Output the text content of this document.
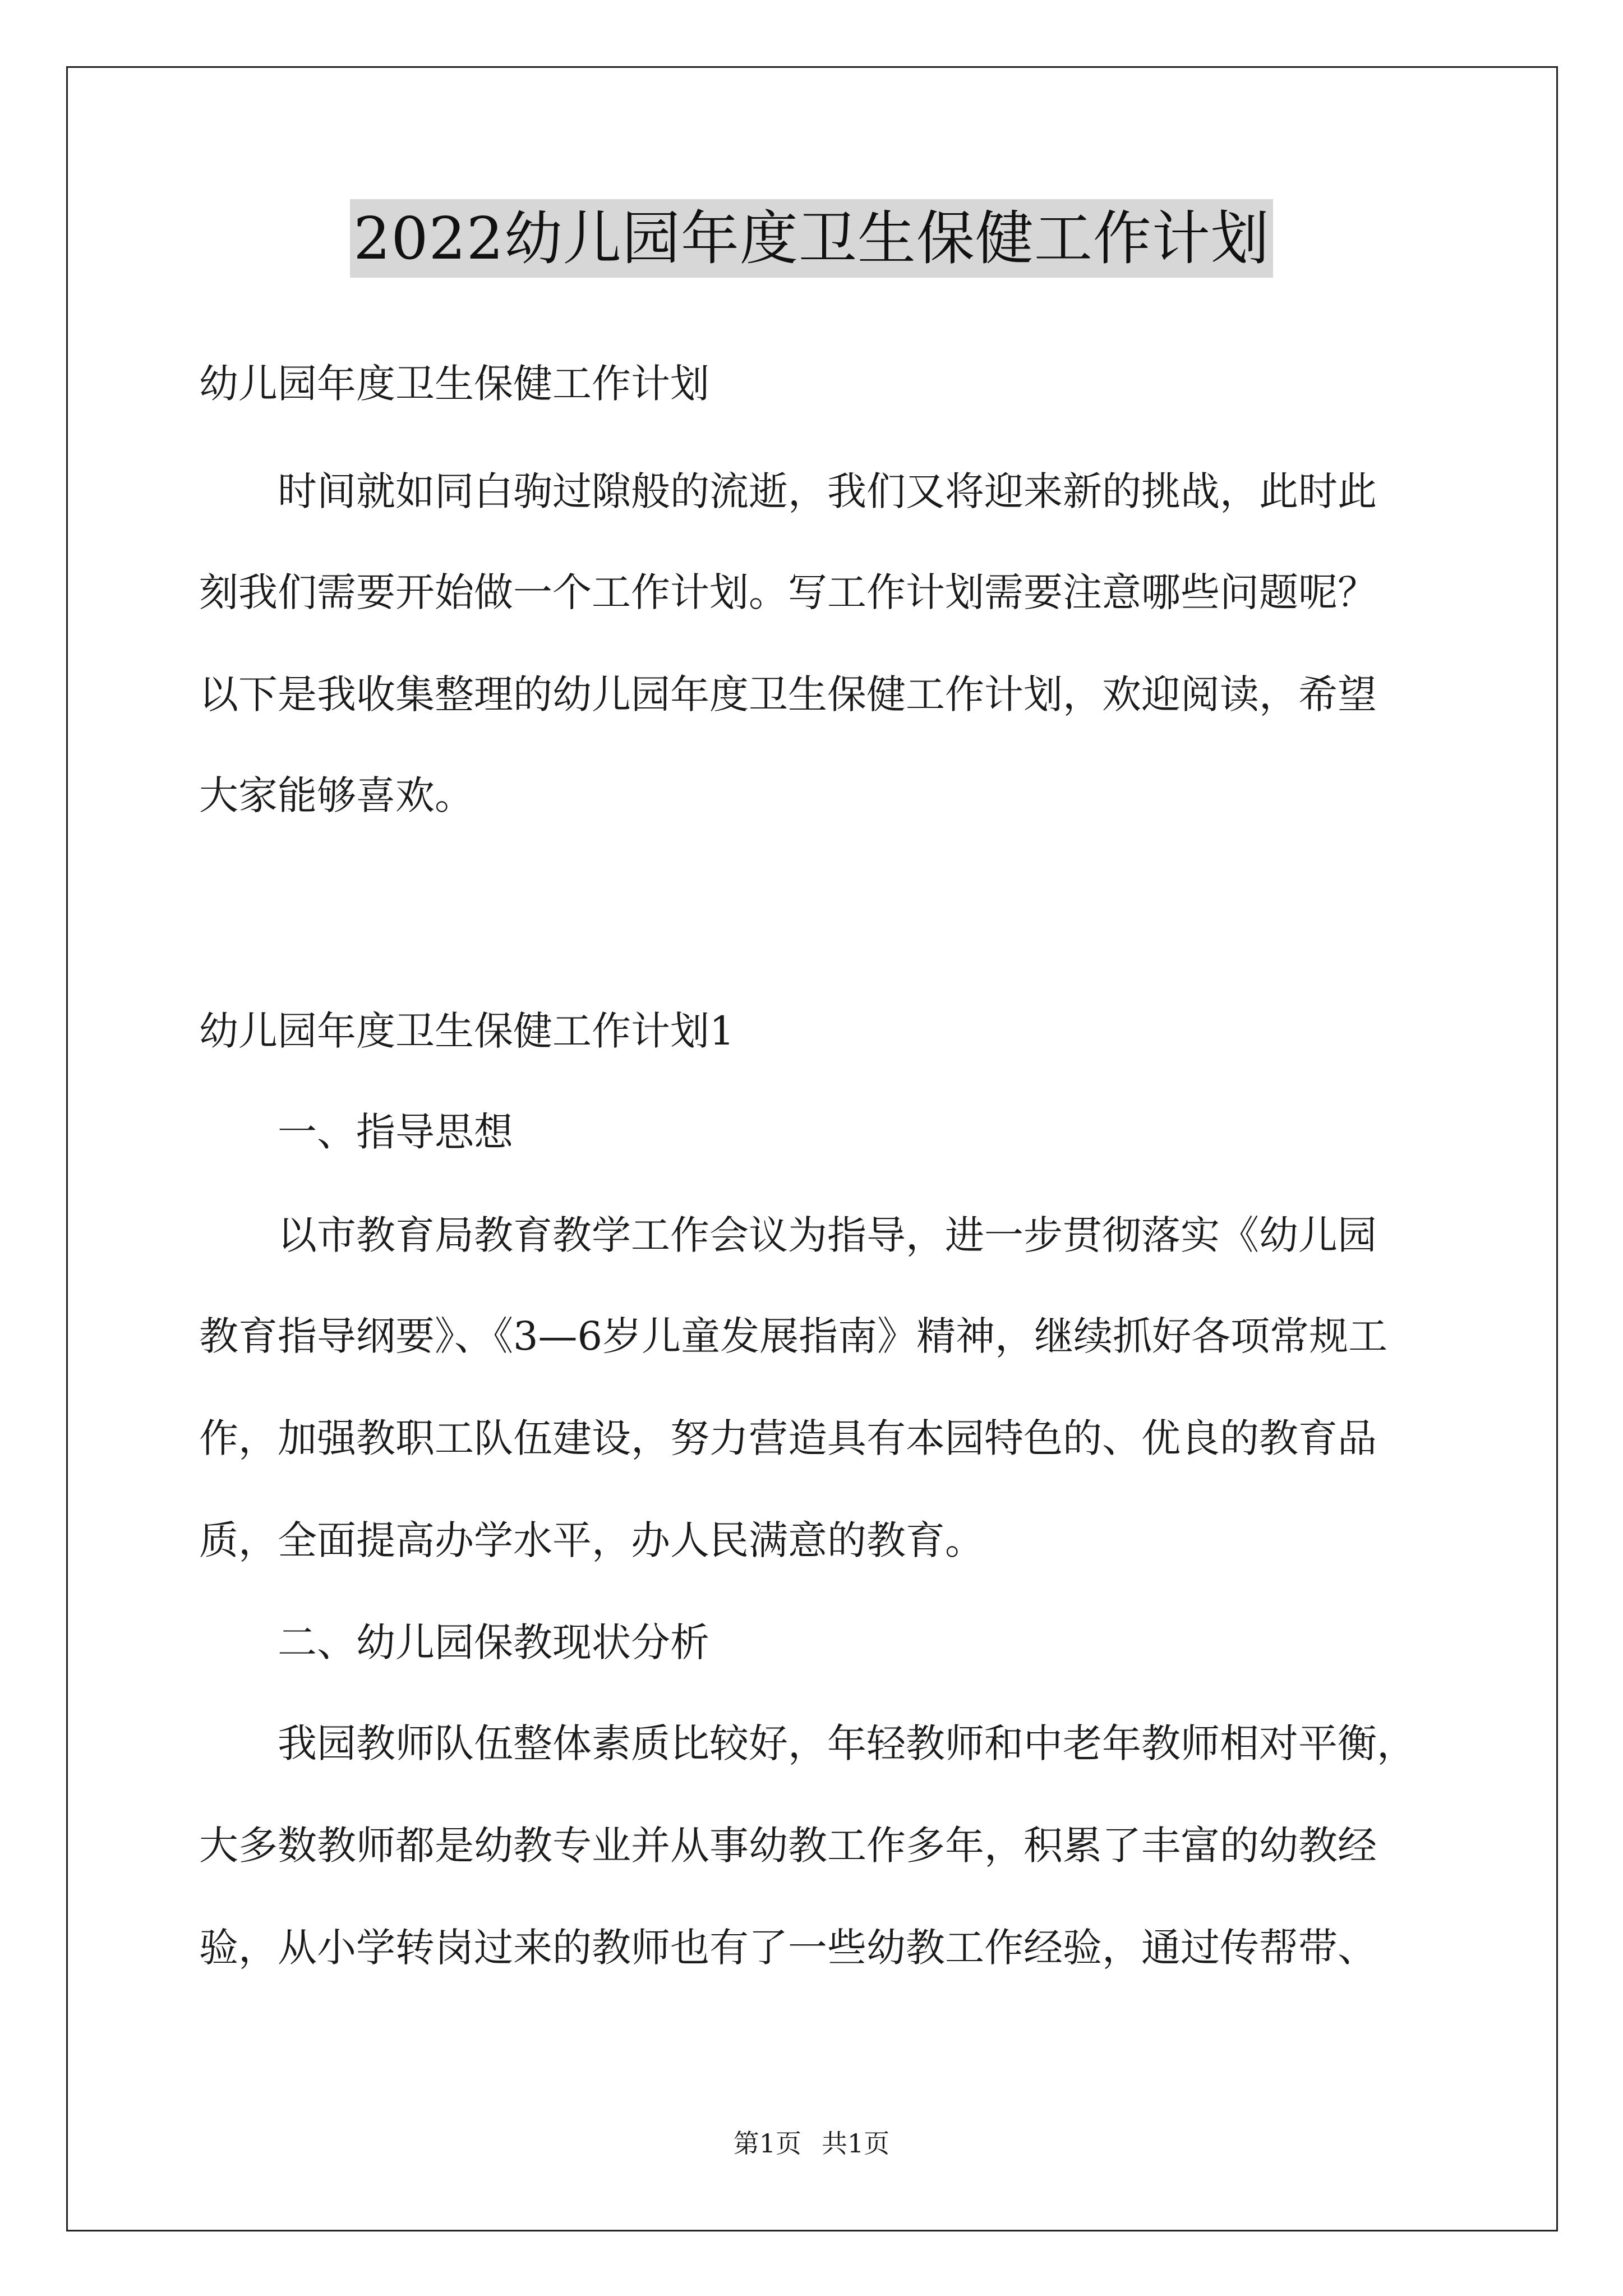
2022幼儿园年度卫生保健工作计划
幼儿园年度卫生保健工作计划
　　时间就如同白驹过隙般的流逝，我们又将迎来新的挑战，此时此
刻我们需要开始做一个工作计划。写工作计划需要注意哪些问题呢？
以下是我收集整理的幼儿园年度卫生保健工作计划，欢迎阅读，希望
大家能够喜欢。
幼儿园年度卫生保健工作计划1
　　一、指导思想
　　以市教育局教育教学工作会议为指导，进一步贯彻落实《幼儿园
教育指导纲要》、《3—6岁儿童发展指南》精神，继续抓好各项常规工
作，加强教职工队伍建设，努力营造具有本园特色的、优良的教育品
质，全面提高办学水平，办人民满意的教育。
　　二、幼儿园保教现状分析
　　我园教师队伍整体素质比较好，年轻教师和中老年教师相对平衡，
大多数教师都是幼教专业并从事幼教工作多年，积累了丰富的幼教经
验，从小学转岗过来的教师也有了一些幼教工作经验，通过传帮带、
第1页 共1页
